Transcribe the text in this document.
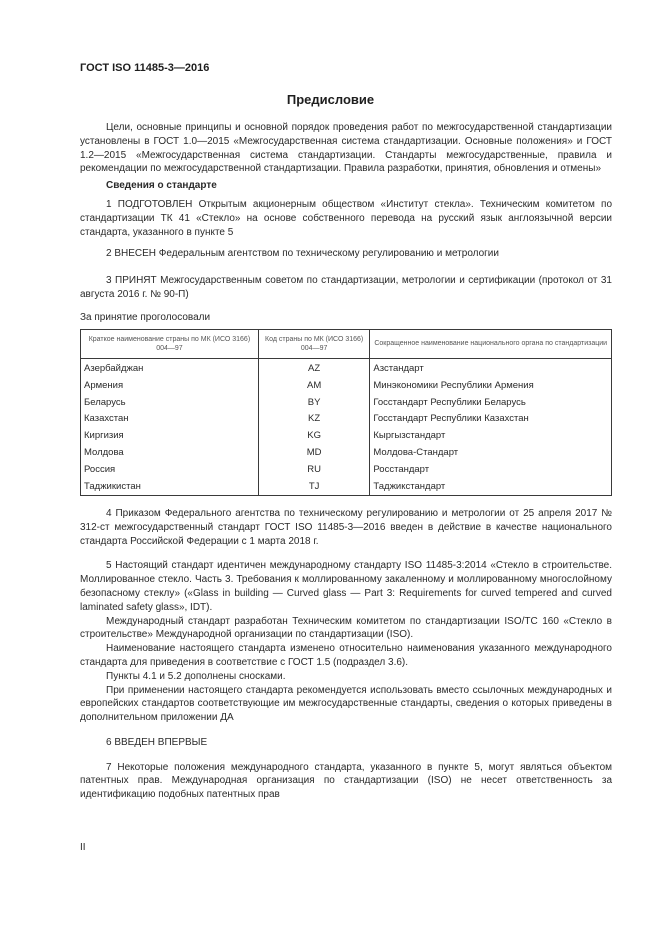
ГОСТ ISO 11485-3—2016
Предисловие

Цели, основные принципы и основной порядок проведения работ по межгосударственной стандартизации установлены в ГОСТ 1.0—2015 «Межгосударственная система стандартизации. Основные положения» и ГОСТ 1.2—2015 «Межгосударственная система стандартизации. Стандарты межгосударственные, правила и рекомендации по межгосударственной стандартизации. Правила разработки, принятия, обновления и отмены»

Сведения о стандарте

1 ПОДГОТОВЛЕН Открытым акционерным обществом «Институт стекла». Техническим комитетом по стандартизации ТК 41 «Стекло» на основе собственного перевода на русский язык англоязычной версии стандарта, указанного в пункте 5

2 ВНЕСЕН Федеральным агентством по техническому регулированию и метрологии

3 ПРИНЯТ Межгосударственным советом по стандартизации, метрологии и сертификации (протокол от 31 августа 2016 г. № 90-П)

За принятие проголосовали
Краткое наименование страны по МК (ИСО 3166) 004—97	Код страны по МК (ИСО 3166) 004—97	Сокращенное наименование национального органа по стандартизации
Азербайджан	AZ	Азстандарт
Армения	AM	Минэкономики Республики Армения
Беларусь	BY	Госстандарт Республики Беларусь
Казахстан	KZ	Госстандарт Республики Казахстан
Киргизия	KG	Кыргызстандарт
Молдова	MD	Молдова-Стандарт
Россия	RU	Росстандарт
Таджикистан	TJ	Таджикстандарт

4 Приказом Федерального агентства по техническому регулированию и метрологии от 25 апреля 2017 № 312-ст межгосударственный стандарт ГОСТ ISO 11485-3—2016 введен в действие в качестве национального стандарта Российской Федерации с 1 марта 2018 г.

5 Настоящий стандарт идентичен международному стандарту ISO 11485-3:2014 «Стекло в строительстве. Моллированное стекло. Часть 3. Требования к моллированному закаленному и моллированному многослойному безопасному стеклу» («Glass in building — Curved glass — Part 3: Requirements for curved tempered and curved laminated safety glass», IDT).

Международный стандарт разработан Техническим комитетом по стандартизации ISO/TC 160 «Стекло в строительстве» Международной организации по стандартизации (ISO).

Наименование настоящего стандарта изменено относительно наименования указанного международного стандарта для приведения в соответствие с ГОСТ 1.5 (подраздел 3.6).

Пункты 4.1 и 5.2 дополнены сносками.

При применении настоящего стандарта рекомендуется использовать вместо ссылочных международных и европейских стандартов соответствующие им межгосударственные стандарты, сведения о которых приведены в дополнительном приложении ДА

6 ВВЕДЕН ВПЕРВЫЕ

7 Некоторые положения международного стандарта, указанного в пункте 5, могут являться объектом патентных прав. Международная организация по стандартизации (ISO) не несет ответственность за идентификацию подобных патентных прав

II
